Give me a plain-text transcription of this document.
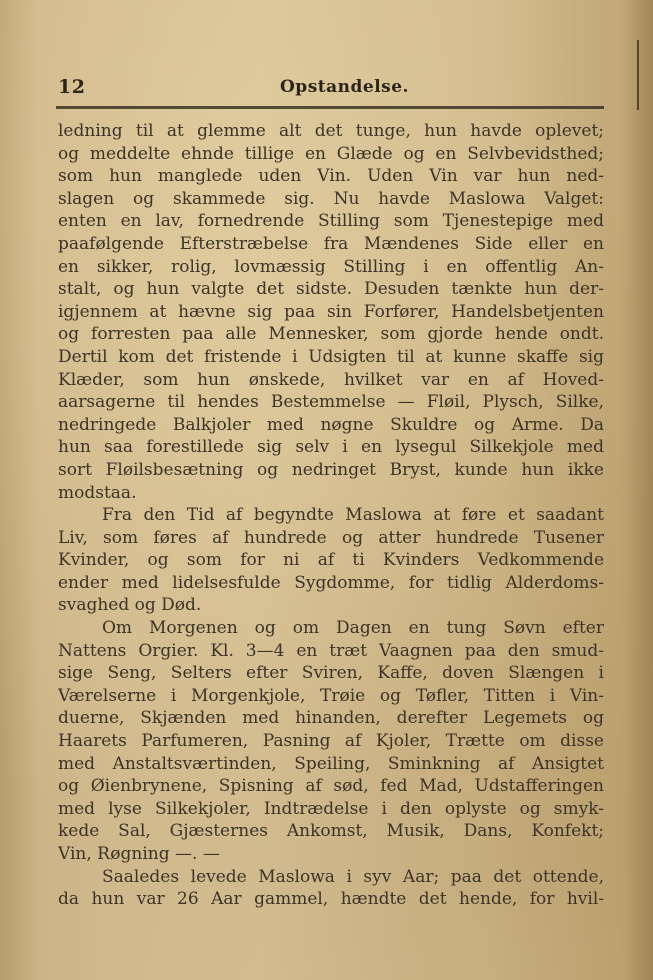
12	Opstandelse.
ledning til at glemme alt det tunge, hun havde oplevet;
og meddelte ehnde tillige en Glæde og en Selvbevidsthed;
som hun manglede uden Vin. Uden Vin var hun ned-
slagen og skammede sig. Nu havde Maslowa Valget:
enten en lav, fornedrende Stilling som Tjenestepige med
paafølgende Efterstræbelse fra Mændenes Side eller en
en sikker, rolig, lovmæssig Stilling i en offentlig An-
stalt, og hun valgte det sidste. Desuden tænkte hun der-
igjennem at hævne sig paa sin Forfører, Handelsbetjenten
og forresten paa alle Mennesker, som gjorde hende ondt.
Dertil kom det fristende i Udsigten til at kunne skaffe sig
Klæder, som hun ønskede, hvilket var en af Hoved-
aarsagerne til hendes Bestemmelse — Fløil, Plysch, Silke,
nedringede Balkjoler med nøgne Skuldre og Arme. Da
hun saa forestillede sig selv i en lysegul Silkekjole med
sort Fløilsbesætning og nedringet Bryst, kunde hun ikke
modstaa.
Fra den Tid af begyndte Maslowa at føre et saadant
Liv, som føres af hundrede og atter hundrede Tusener
Kvinder, og som for ni af ti Kvinders Vedkommende
ender med lidelsesfulde Sygdomme, for tidlig Alderdoms-
svaghed og Død.
Om Morgenen og om Dagen en tung Søvn efter
Nattens Orgier. Kl. 3—4 en træt Vaagnen paa den smud-
sige Seng, Selters efter Sviren, Kaffe, doven Slængen i
Værelserne i Morgenkjole, Trøie og Tøfler, Titten i Vin-
duerne, Skjænden med hinanden, derefter Legemets og
Haarets Parfumeren, Pasning af Kjoler, Trætte om disse
med Anstaltsværtinden, Speiling, Sminkning af Ansigtet
og Øienbrynene, Spisning af sød, fed Mad, Udstafferingen
med lyse Silkekjoler, Indtrædelse i den oplyste og smyk-
kede Sal, Gjæsternes Ankomst, Musik, Dans, Konfekt;
Vin, Røgning —. —
Saaledes levede Maslowa i syv Aar; paa det ottende,
da hun var 26 Aar gammel, hændte det hende, for hvil-
